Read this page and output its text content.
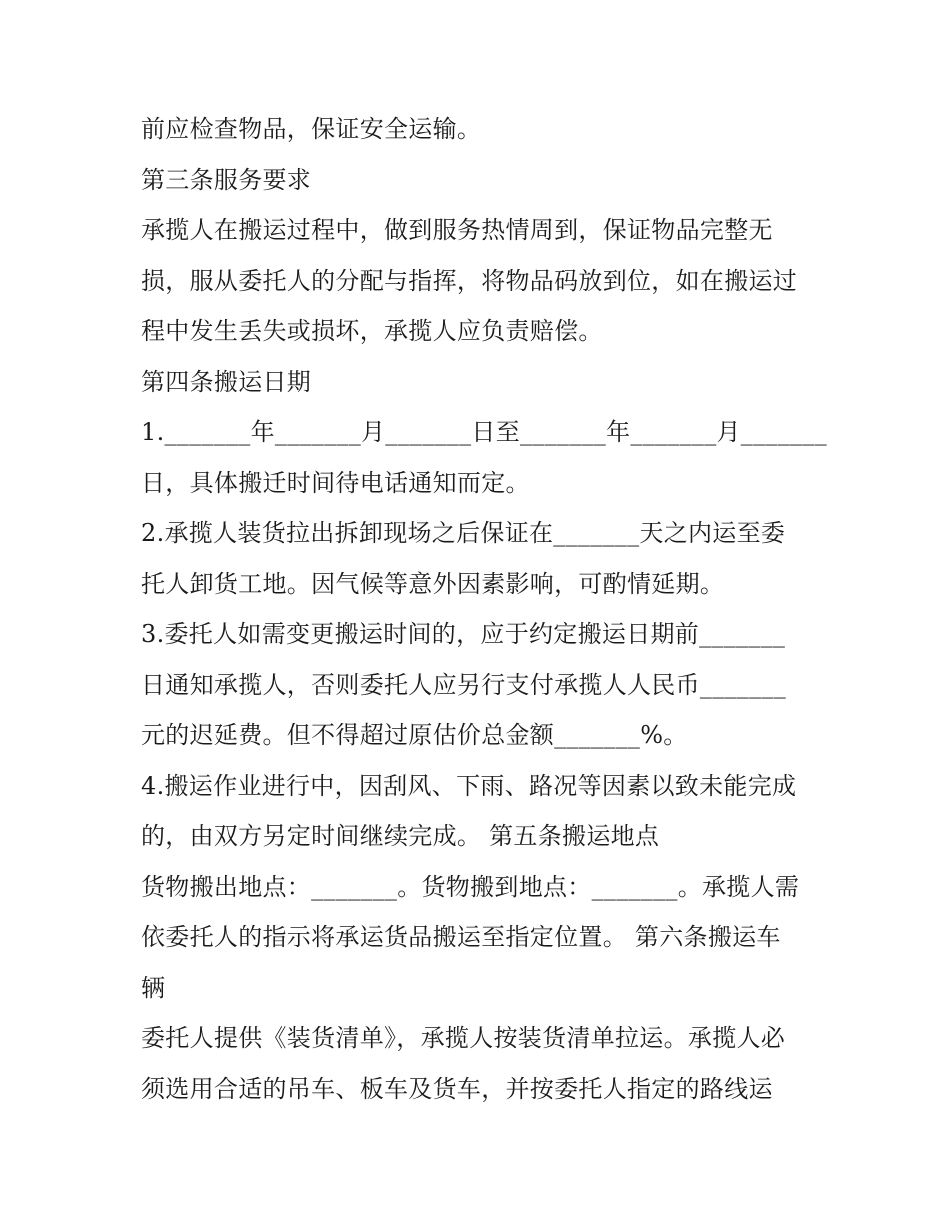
前应检查物品，保证安全运输。
第三条服务要求
承揽人在搬运过程中，做到服务热情周到，保证物品完整无
损，服从委托人的分配与指挥，将物品码放到位，如在搬运过
程中发生丢失或损坏，承揽人应负责赔偿。
第四条搬运日期
1._______年_______月_______日至_______年_______月_______
日，具体搬迁时间待电话通知而定。
2.承揽人装货拉出拆卸现场之后保证在_______天之内运至委
托人卸货工地。因气候等意外因素影响，可酌情延期。
3.委托人如需变更搬运时间的，应于约定搬运日期前_______
日通知承揽人，否则委托人应另行支付承揽人人民币_______
元的迟延费。但不得超过原估价总金额_______%。
4.搬运作业进行中，因刮风、下雨、路况等因素以致未能完成
的，由双方另定时间继续完成。 第五条搬运地点
货物搬出地点：_______。货物搬到地点：_______。承揽人需
依委托人的指示将承运货品搬运至指定位置。 第六条搬运车
辆
委托人提供《装货清单》，承揽人按装货清单拉运。承揽人必
须选用合适的吊车、板车及货车，并按委托人指定的路线运
